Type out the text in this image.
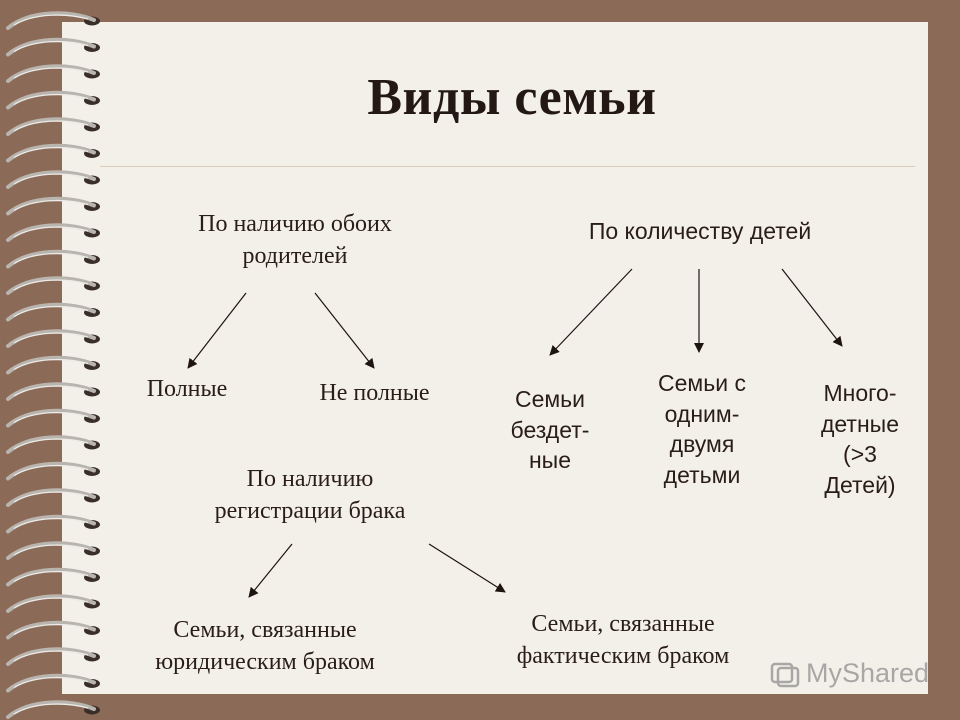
Виды семьи
По наличию обоих
родителей
Полные	Не полные
По количеству детей
Семьи
бездет-
ные
Семьи с
одним-
двумя
детьми
Много-
детные
(>3
Детей)
По наличию
регистрации брака
Семьи, связанные
юридическим браком
Семьи, связанные
фактическим браком
MyShared
